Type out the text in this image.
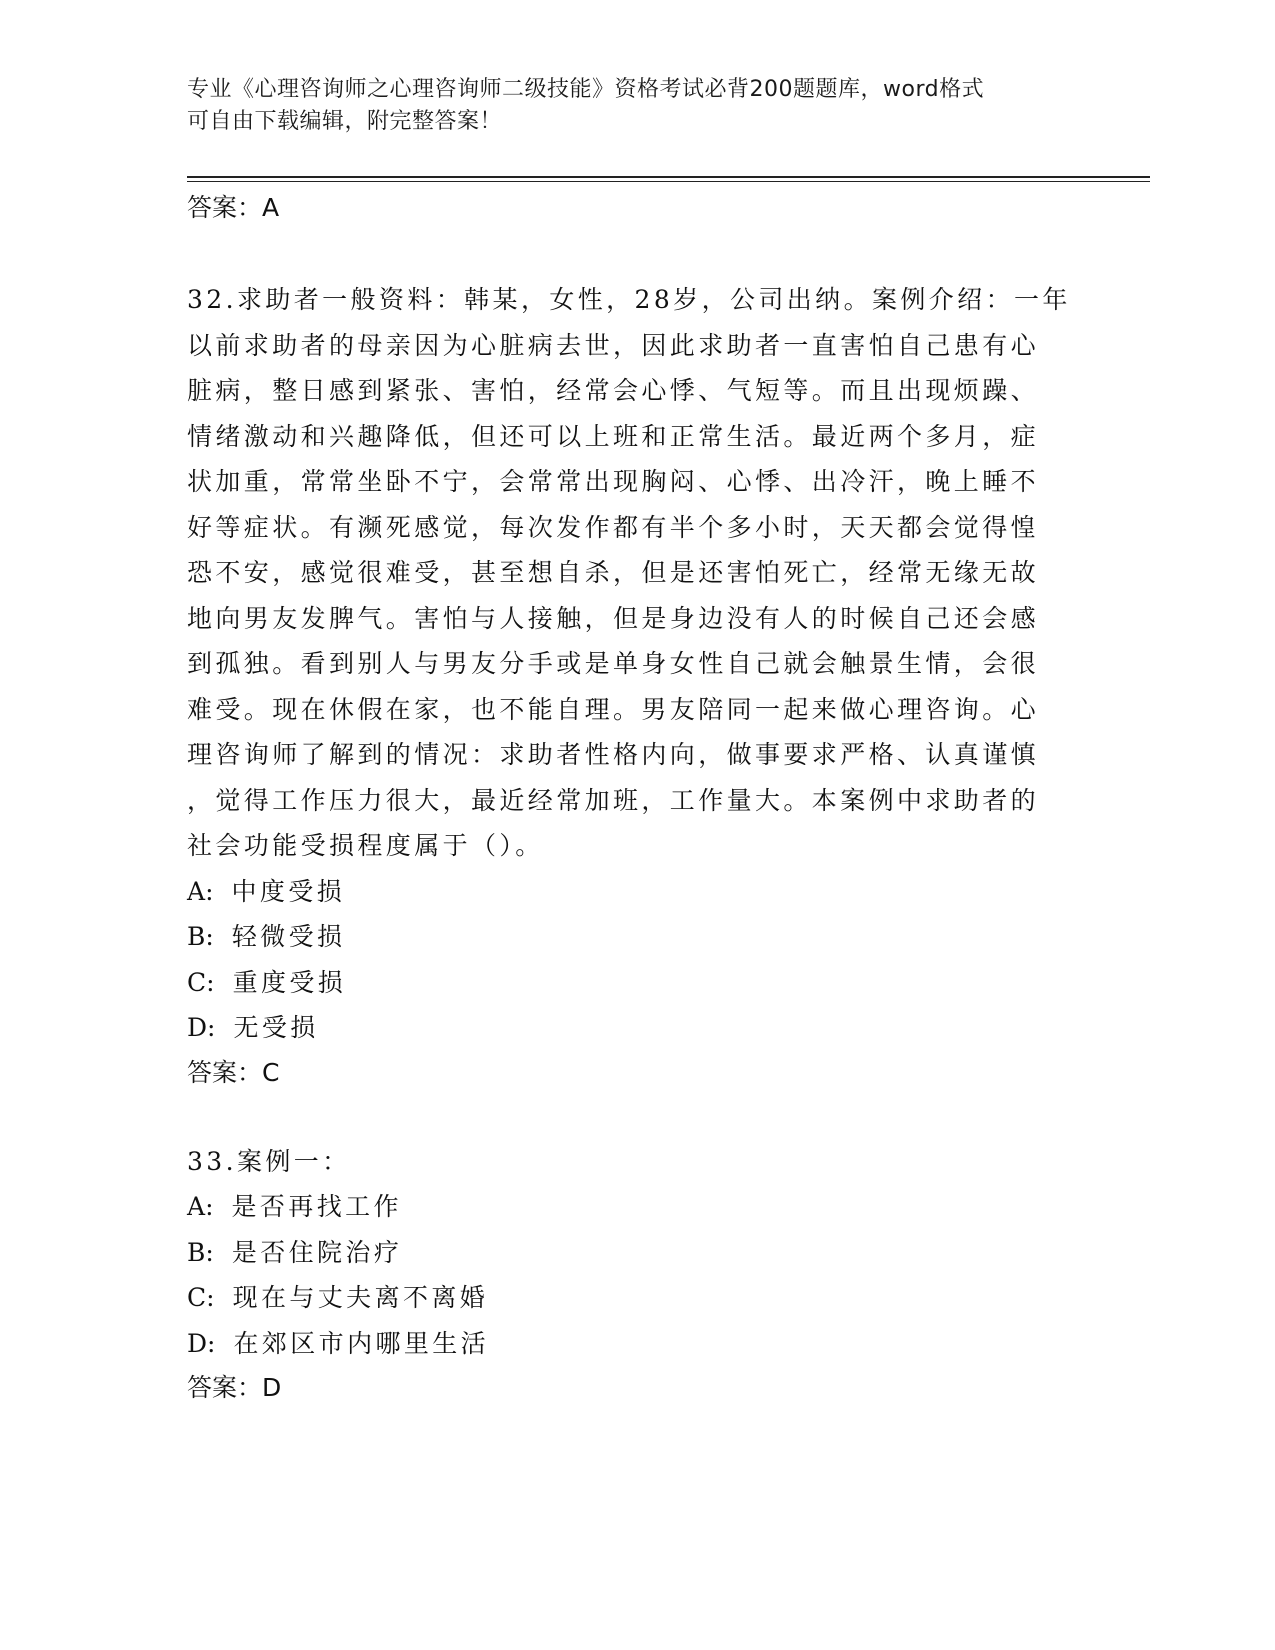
专业《心理咨询师之心理咨询师二级技能》资格考试必背200题题库，word格式
可自由下载编辑，附完整答案！
答案：A
32.求助者一般资料：韩某，女性，28岁，公司出纳。案例介绍：一年
以前求助者的母亲因为心脏病去世，因此求助者一直害怕自己患有心
脏病，整日感到紧张、害怕，经常会心悸、气短等。而且出现烦躁、
情绪激动和兴趣降低，但还可以上班和正常生活。最近两个多月，症
状加重，常常坐卧不宁，会常常出现胸闷、心悸、出冷汗，晚上睡不
好等症状。有濒死感觉，每次发作都有半个多小时，天天都会觉得惶
恐不安，感觉很难受，甚至想自杀，但是还害怕死亡，经常无缘无故
地向男友发脾气。害怕与人接触，但是身边没有人的时候自己还会感
到孤独。看到别人与男友分手或是单身女性自己就会触景生情，会很
难受。现在休假在家，也不能自理。男友陪同一起来做心理咨询。心
理咨询师了解到的情况：求助者性格内向，做事要求严格、认真谨慎
，觉得工作压力很大，最近经常加班，工作量大。本案例中求助者的
社会功能受损程度属于（）。
A: 中度受损
B: 轻微受损
C: 重度受损
D: 无受损
答案：C
33.案例一：
A: 是否再找工作
B: 是否住院治疗
C: 现在与丈夫离不离婚
D: 在郊区市内哪里生活
答案：D
